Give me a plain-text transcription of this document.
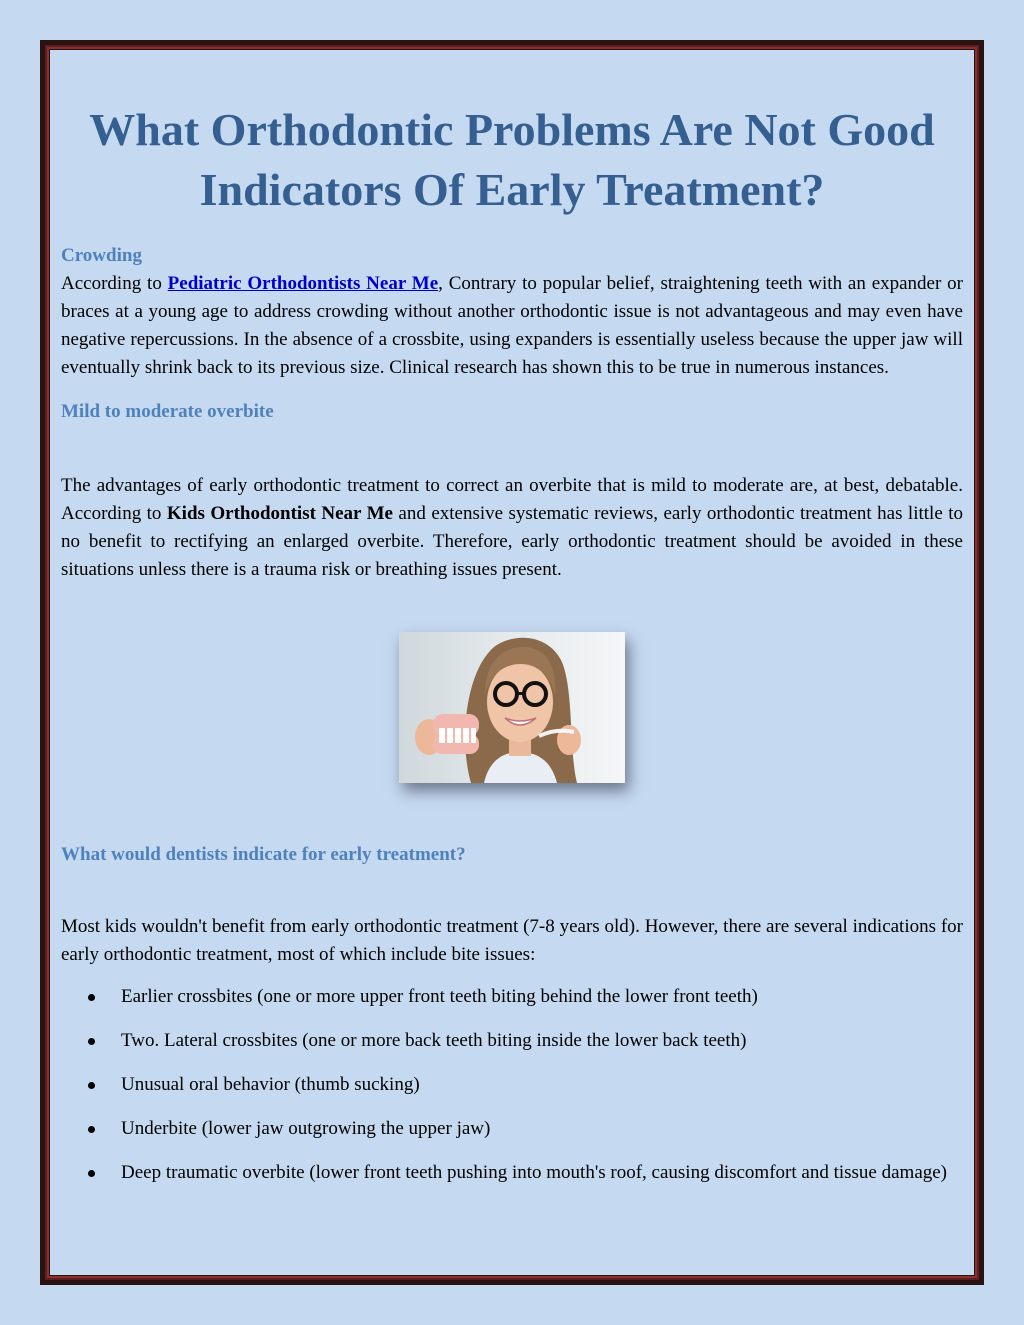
What Orthodontic Problems Are Not Good Indicators Of Early Treatment?
Crowding

According to Pediatric Orthodontists Near Me, Contrary to popular belief, straightening teeth with an expander or braces at a young age to address crowding without another orthodontic issue is not advantageous and may even have negative repercussions. In the absence of a crossbite, using expanders is essentially useless because the upper jaw will eventually shrink back to its previous size. Clinical research has shown this to be true in numerous instances.

Mild to moderate overbite

The advantages of early orthodontic treatment to correct an overbite that is mild to moderate are, at best, debatable. According to Kids Orthodontist Near Me and extensive systematic reviews, early orthodontic treatment has little to no benefit to rectifying an enlarged overbite. Therefore, early orthodontic treatment should be avoided in these situations unless there is a trauma risk or breathing issues present.

What would dentists indicate for early treatment?

Most kids wouldn't benefit from early orthodontic treatment (7-8 years old). However, there are several indications for early orthodontic treatment, most of which include bite issues:

Earlier crossbites (one or more upper front teeth biting behind the lower front teeth)
Two. Lateral crossbites (one or more back teeth biting inside the lower back teeth)
Unusual oral behavior (thumb sucking)
Underbite (lower jaw outgrowing the upper jaw)
Deep traumatic overbite (lower front teeth pushing into mouth's roof, causing discomfort and tissue damage)
